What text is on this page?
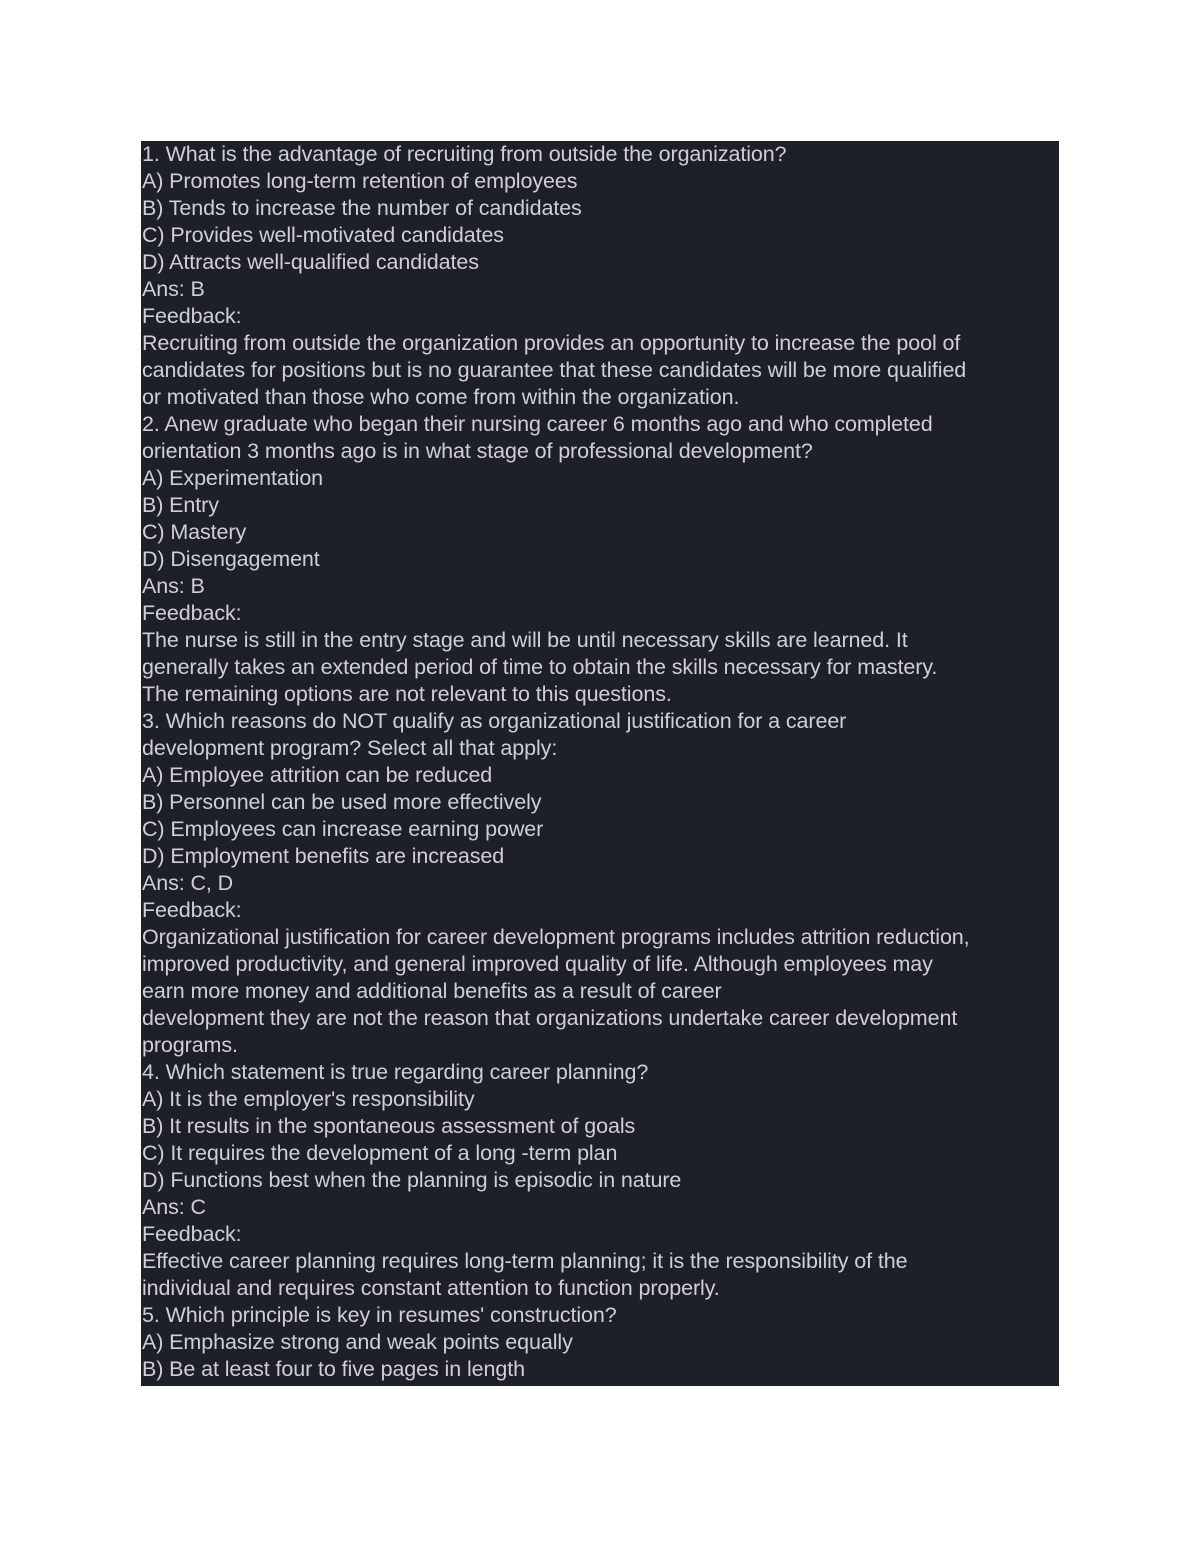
1. What is the advantage of recruiting from outside the organization?
A) Promotes long-term retention of employees
B) Tends to increase the number of candidates
C) Provides well-motivated candidates
D) Attracts well-qualified candidates
Ans: B
Feedback:
Recruiting from outside the organization provides an opportunity to increase the pool of
candidates for positions but is no guarantee that these candidates will be more qualified
or motivated than those who come from within the organization.
2. Anew graduate who began their nursing career 6 months ago and who completed
orientation 3 months ago is in what stage of professional development?
A) Experimentation
B) Entry
C) Mastery
D) Disengagement
Ans: B
Feedback:
The nurse is still in the entry stage and will be until necessary skills are learned. It
generally takes an extended period of time to obtain the skills necessary for mastery.
The remaining options are not relevant to this questions.
3. Which reasons do NOT qualify as organizational justification for a career
development program? Select all that apply:
A) Employee attrition can be reduced
B) Personnel can be used more effectively
C) Employees can increase earning power
D) Employment benefits are increased
Ans: C, D
Feedback:
Organizational justification for career development programs includes attrition reduction,
improved productivity, and general improved quality of life. Although employees may
earn more money and additional benefits as a result of career
development they are not the reason that organizations undertake career development
programs.
4. Which statement is true regarding career planning?
A) It is the employer's responsibility
B) It results in the spontaneous assessment of goals
C) It requires the development of a long -term plan
D) Functions best when the planning is episodic in nature
Ans: C
Feedback:
Effective career planning requires long-term planning; it is the responsibility of the
individual and requires constant attention to function properly.
5. Which principle is key in resumes' construction?
A) Emphasize strong and weak points equally
B) Be at least four to five pages in length
